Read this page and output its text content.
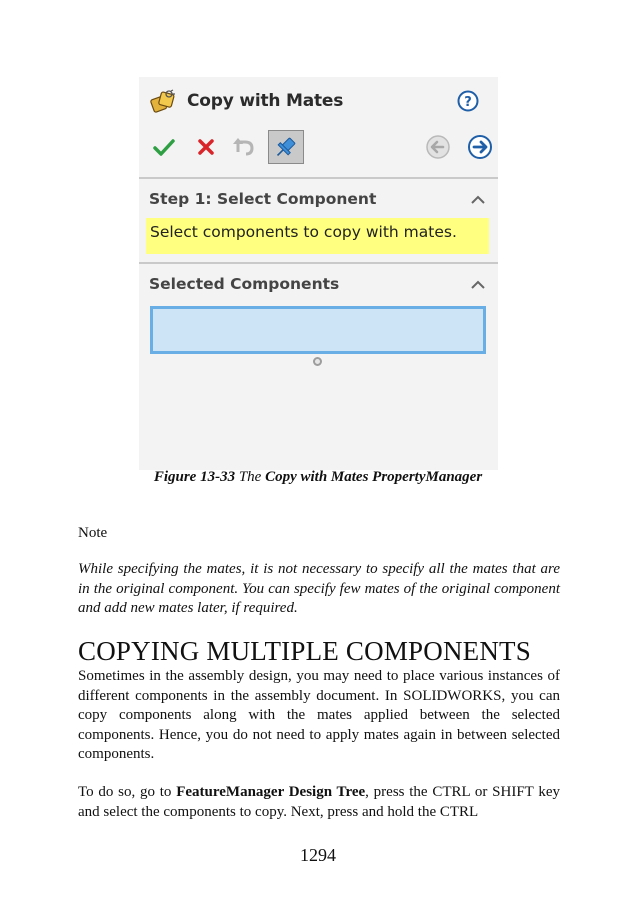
Copy with Mates	?
Step 1: Select Component
Select components to copy with mates.
Selected Components
Figure 13-33 The Copy with Mates PropertyManager
Note
While specifying the mates, it is not necessary to specify all the mates that are in the original component. You can specify few mates of the original component and add new mates later, if required.
COPYING MULTIPLE COMPONENTS
Sometimes in the assembly design, you may need to place various instances of different components in the assembly document. In SOLIDWORKS, you can copy components along with the mates applied between the selected components. Hence, you do not need to apply mates again in between selected components.
To do so, go to FeatureManager Design Tree, press the CTRL or SHIFT key and select the components to copy. Next, press and hold the CTRL
1294
